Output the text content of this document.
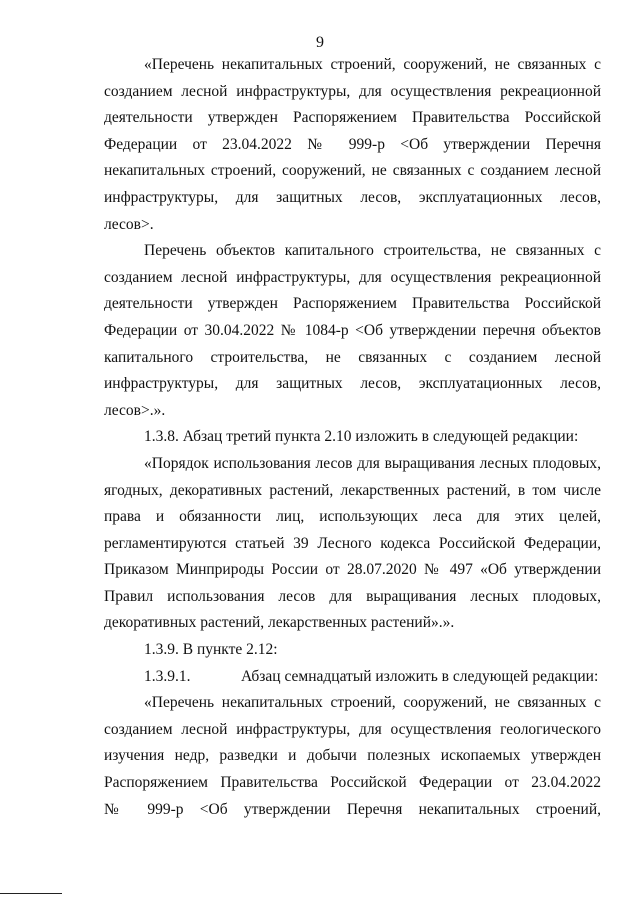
9
«Перечень некапитальных строений, сооружений, не связанных с
созданием лесной инфраструктуры, для осуществления рекреационной
деятельности утвержден Распоряжением Правительства Российской
Федерации от 23.04.2022 № 999-р <Об утверждении Перечня
некапитальных строений, сооружений, не связанных с созданием лесной
инфраструктуры, для защитных лесов, эксплуатационных лесов,
лесов>.
Перечень объектов капитального строительства, не связанных с
созданием лесной инфраструктуры, для осуществления рекреационной
деятельности утвержден Распоряжением Правительства Российской
Федерации от 30.04.2022 № 1084-р <Об утверждении перечня объектов
капитального строительства, не связанных с созданием лесной
инфраструктуры, для защитных лесов, эксплуатационных лесов,
лесов>.».
1.3.8. Абзац третий пункта 2.10 изложить в следующей редакции:
«Порядок использования лесов для выращивания лесных плодовых,
ягодных, декоративных растений, лекарственных растений, в том числе
права и обязанности лиц, использующих леса для этих целей,
регламентируются статьей 39 Лесного кодекса Российской Федерации,
Приказом Минприроды России от 28.07.2020 № 497 «Об утверждении
Правил использования лесов для выращивания лесных плодовых,
декоративных растений, лекарственных растений».».
1.3.9. В пункте 2.12:
1.3.9.1.	Абзац семнадцатый изложить в следующей редакции:
«Перечень некапитальных строений, сооружений, не связанных с
созданием лесной инфраструктуры, для осуществления геологического
изучения недр, разведки и добычи полезных ископаемых утвержден
Распоряжением Правительства Российской Федерации от 23.04.2022
№ 999-р <Об утверждении Перечня некапитальных строений,
